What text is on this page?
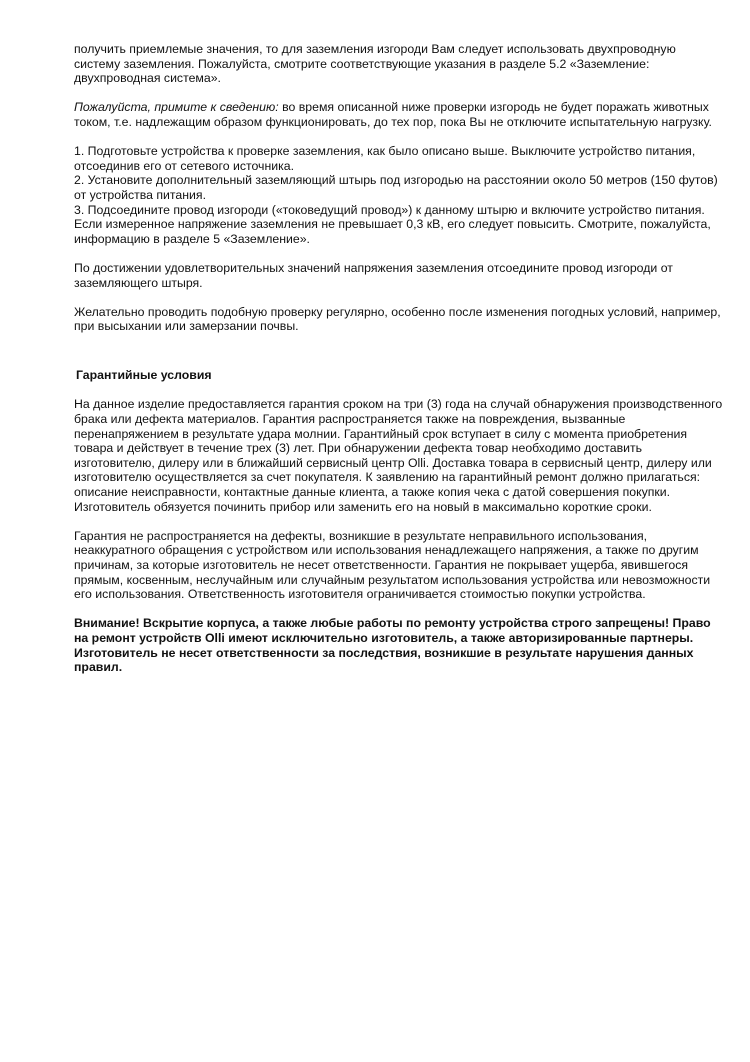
получить приемлемые значения, то для заземления изгороди Вам следует использовать двухпроводную систему заземления. Пожалуйста, смотрите соответствующие указания в разделе 5.2 «Заземление: двухпроводная система».

Пожалуйста, примите к сведению: во время описанной ниже проверки изгородь не будет поражать животных током, т.е. надлежащим образом функционировать, до тех пор, пока Вы не отключите испытательную нагрузку.

1. Подготовьте устройства к проверке заземления, как было описано выше. Выключите устройство питания, отсоединив его от сетевого источника.

2. Установите дополнительный заземляющий штырь под изгородью на расстоянии около 50 метров (150 футов) от устройства питания.

3. Подсоедините провод изгороди («токоведущий провод») к данному штырю и включите устройство питания. Если измеренное напряжение заземления не превышает 0,3 кВ, его следует повысить. Смотрите, пожалуйста, информацию в разделе 5 «Заземление».

По достижении удовлетворительных значений напряжения заземления отсоедините провод изгороди от заземляющего штыря.

Желательно проводить подобную проверку регулярно, особенно после изменения погодных условий, например, при высыхании или замерзании почвы.

Гарантийные условия

На данное изделие предоставляется гарантия сроком на три (3) года на случай обнаружения производственного брака или дефекта материалов. Гарантия распространяется также на повреждения, вызванные перенапряжением в результате удара молнии. Гарантийный срок вступает в силу с момента приобретения товара и действует в течение трех (3) лет. При обнаружении дефекта товар необходимо доставить изготовителю, дилеру или в ближайший сервисный центр Olli. Доставка товара в сервисный центр, дилеру или изготовителю осуществляется за счет покупателя. К заявлению на гарантийный ремонт должно прилагаться: описание неисправности, контактные данные клиента, а также копия чека с датой совершения покупки. Изготовитель обязуется починить прибор или заменить его на новый в максимально короткие сроки.

Гарантия не распространяется на дефекты, возникшие в результате неправильного использования, неаккуратного обращения с устройством или использования ненадлежащего напряжения, а также по другим причинам, за которые изготовитель не несет ответственности. Гарантия не покрывает ущерба, явившегося прямым, косвенным, неслучайным или случайным результатом использования устройства или невозможности его использования. Ответственность изготовителя ограничивается стоимостью покупки устройства.

Внимание! Вскрытие корпуса, а также любые работы по ремонту устройства строго запрещены! Право на ремонт устройств Olli имеют исключительно изготовитель, а также авторизированные партнеры.

Изготовитель не несет ответственности за последствия, возникшие в результате нарушения данных правил.
